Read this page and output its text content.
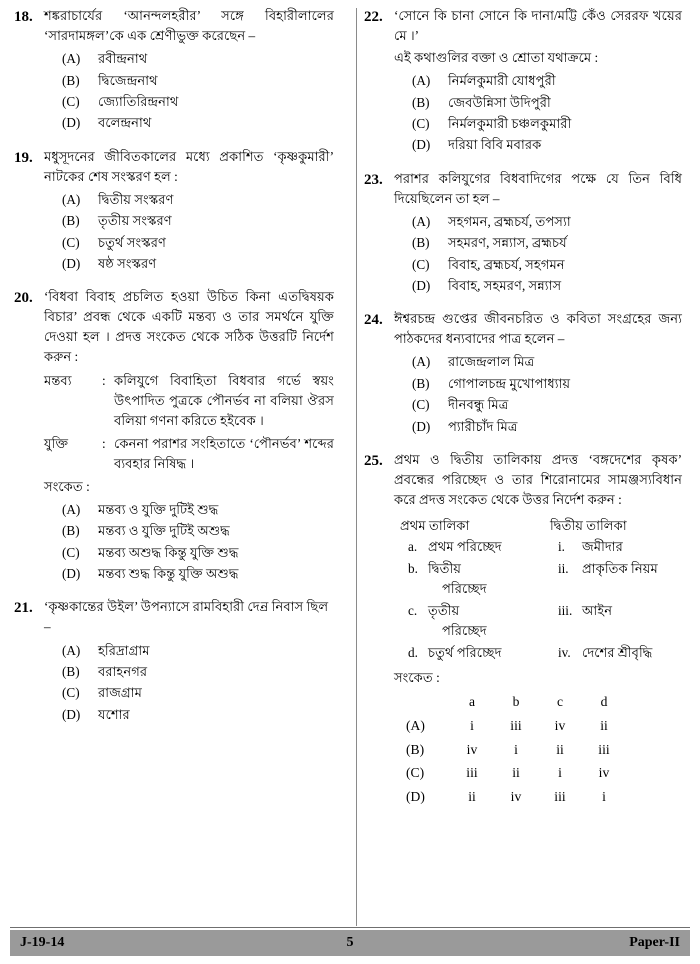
18. শঙ্করাচার্যের ‘আনন্দলহরীর’ সঙ্গে বিহারীলালের ‘সারদামঙ্গল’কে এক শ্রেণীভুক্ত করেছেন –
(A)	রবীন্দ্রনাথ
(B)	দ্বিজেন্দ্রনাথ
(C)	জ্যোতিরিন্দ্রনাথ
(D)	বলেন্দ্রনাথ
19. মধুসূদনের জীবিতকালের মধ্যে প্রকাশিত ‘কৃষ্ণকুমারী’ নাটকের শেষ সংস্করণ হল :
(A)	দ্বিতীয় সংস্করণ
(B)	তৃতীয় সংস্করণ
(C)	চতুর্থ সংস্করণ
(D)	ষষ্ঠ সংস্করণ
20. ‘বিধবা বিবাহ প্রচলিত হওয়া উচিত কিনা এতদ্বিষয়ক বিচার’ প্রবন্ধ থেকে একটি মন্তব্য ও তার সমর্থনে যুক্তি দেওয়া হল । প্রদত্ত সংকেত থেকে সঠিক উত্তরটি নির্দেশ করুন :
মন্তব্য	: কলিযুগে বিবাহিতা বিধবার গর্ভে স্বয়ং উৎপাদিত পুত্রকে পৌনর্ভব না বলিয়া ঔরস বলিয়া গণনা করিতে হইবেক ।
যুক্তি	: কেননা পরাশর সংহিতাতে ‘পৌনর্ভব’ শব্দের ব্যবহার নিষিদ্ধ ।
সংকেত :
(A)	মন্তব্য ও যুক্তি দুটিই শুদ্ধ
(B)	মন্তব্য ও যুক্তি দুটিই অশুদ্ধ
(C)	মন্তব্য অশুদ্ধ কিন্তু যুক্তি শুদ্ধ
(D)	মন্তব্য শুদ্ধ কিন্তু যুক্তি অশুদ্ধ
21. ‘কৃষ্ণকান্তের উইল’ উপন্যাসে রামবিহারী দেন্র নিবাস ছিল –
(A)	হরিদ্রাগ্রাম
(B)	বরাহনগর
(C)	রাজগ্রাম
(D)	যশোর
22. ‘সোনে কি চানা সোনে কি দানা/মট্টি কেঁও সেররফ খয়ের মে ।’
এই কথাগুলির বক্তা ও শ্রোতা যথাক্রমে :
(A)	নির্মলকুমারী যোধপুরী
(B)	জেবউন্নিসা উদিপুরী
(C)	নির্মলকুমারী চঞ্চলকুমারী
(D)	দরিয়া বিবি মবারক
23. পরাশর কলিযুগের বিধবাদিগের পক্ষে যে তিন বিধি দিয়েছিলেন তা হল –
(A)	সহগমন, ব্রহ্মচর্য, তপস্যা
(B)	সহমরণ, সন্ন্যাস, ব্রহ্মচর্য
(C)	বিবাহ, ব্রহ্মচর্য, সহগমন
(D)	বিবাহ, সহমরণ, সন্ন্যাস
24. ঈশ্বরচন্দ্র গুপ্তের জীবনচরিত ও কবিতা সংগ্রহের জন্য পাঠকদের ধন্যবাদের পাত্র হলেন –
(A)	রাজেন্দ্রলাল মিত্র
(B)	গোপালচন্দ্র মুখোপাধ্যায়
(C)	দীনবন্ধু মিত্র
(D)	প্যারীচাঁদ মিত্র
25. প্রথম ও দ্বিতীয় তালিকায় প্রদত্ত ‘বঙ্গদেশের কৃষক’ প্রবন্ধের পরিচ্ছেদ ও তার শিরোনামের সামঞ্জস্যবিধান করে প্রদত্ত সংকেত থেকে উত্তর নির্দেশ করুন :
প্রথম তালিকা	দ্বিতীয় তালিকা
a. প্রথম পরিচ্ছেদ	i.	জমীদার
b. দ্বিতীয়	ii.	প্রাকৃতিক নিয়ম
পরিচ্ছেদ
c. তৃতীয়	iii. আইন
পরিচ্ছেদ
d. চতুর্থ পরিচ্ছেদ	iv. দেশের শ্রীবৃদ্ধি
সংকেত :
a	b	c	d
(A)	i	iii	iv	ii
(B)	iv	i	ii	iii
(C)	iii	ii	i	iv
(D)	ii	iv	iii	i
J-19-14	5	Paper-II
